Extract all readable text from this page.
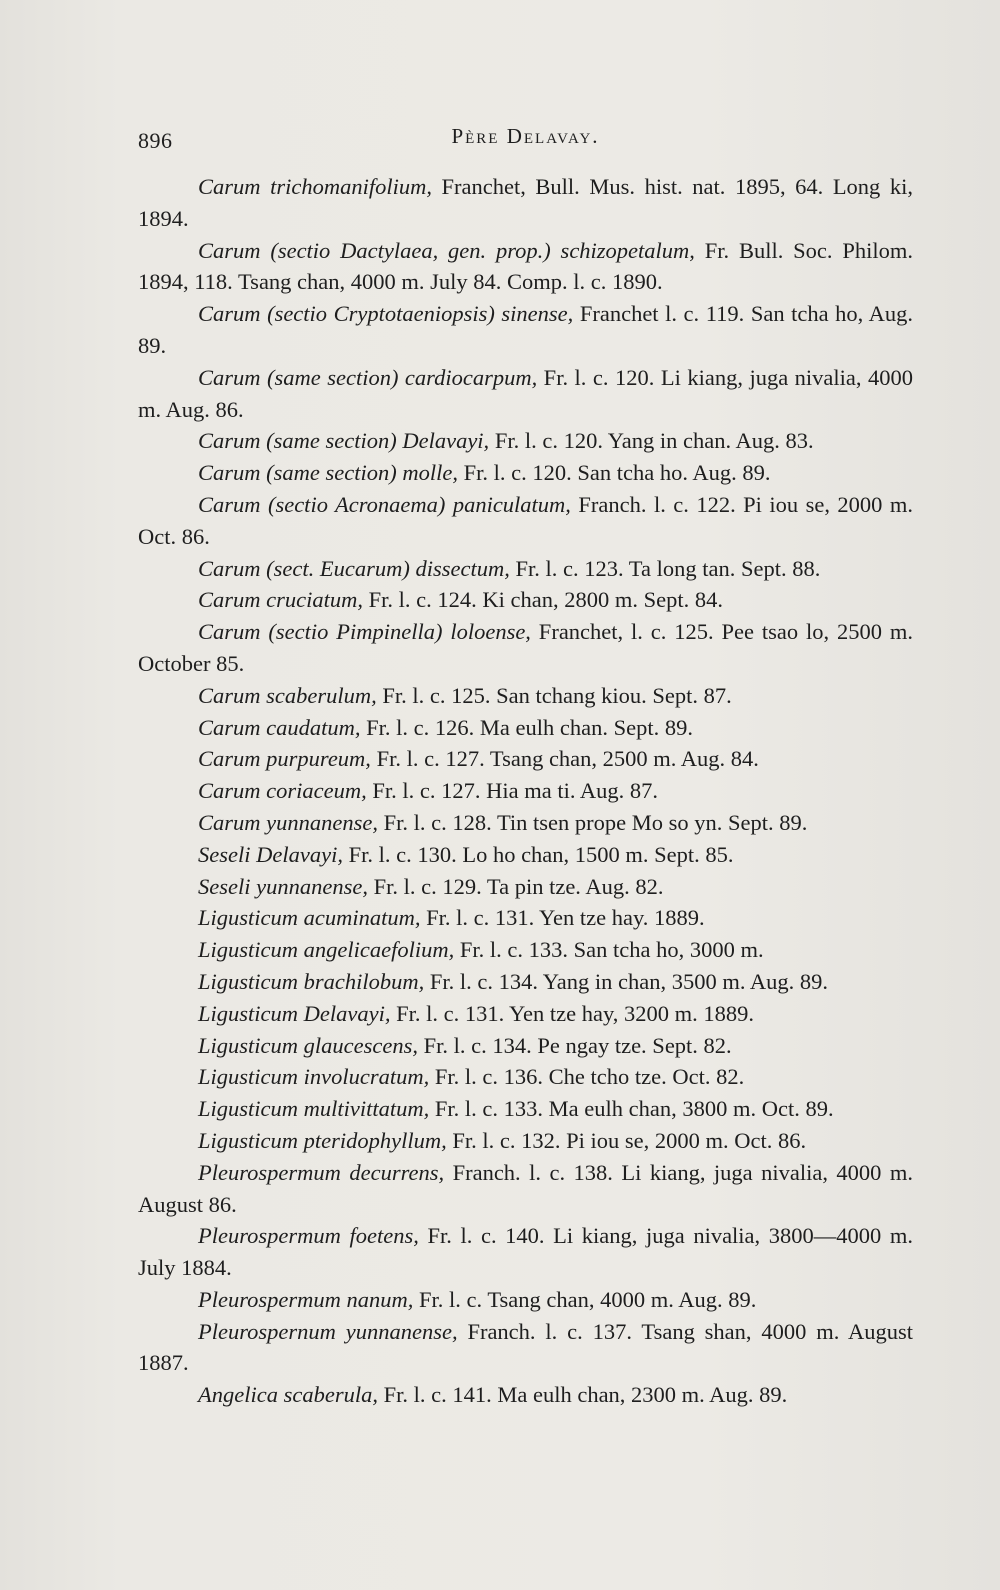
896	Père Delavay.

Carum trichomanifolium, Franchet, Bull. Mus. hist. nat. 1895, 64. Long ki, 1894.

Carum (sectio Dactylaea, gen. prop.) schizopetalum, Fr. Bull. Soc. Philom. 1894, 118. Tsang chan, 4000 m. July 84. Comp. l. c. 1890.

Carum (sectio Cryptotaeniopsis) sinense, Franchet l. c. 119. San tcha ho, Aug. 89.

Carum (same section) cardiocarpum, Fr. l. c. 120. Li kiang, juga nivalia, 4000 m. Aug. 86.

Carum (same section) Delavayi, Fr. l. c. 120. Yang in chan. Aug. 83.

Carum (same section) molle, Fr. l. c. 120. San tcha ho. Aug. 89.

Carum (sectio Acronaema) paniculatum, Franch. l. c. 122. Pi iou se, 2000 m. Oct. 86.

Carum (sect. Eucarum) dissectum, Fr. l. c. 123. Ta long tan. Sept. 88.

Carum cruciatum, Fr. l. c. 124. Ki chan, 2800 m. Sept. 84.

Carum (sectio Pimpinella) loloense, Franchet, l. c. 125. Pee tsao lo, 2500 m. October 85.

Carum scaberulum, Fr. l. c. 125. San tchang kiou. Sept. 87.

Carum caudatum, Fr. l. c. 126. Ma eulh chan. Sept. 89.

Carum purpureum, Fr. l. c. 127. Tsang chan, 2500 m. Aug. 84.

Carum coriaceum, Fr. l. c. 127. Hia ma ti. Aug. 87.

Carum yunnanense, Fr. l. c. 128. Tin tsen prope Mo so yn. Sept. 89.

Seseli Delavayi, Fr. l. c. 130. Lo ho chan, 1500 m. Sept. 85.

Seseli yunnanense, Fr. l. c. 129. Ta pin tze. Aug. 82.

Ligusticum acuminatum, Fr. l. c. 131. Yen tze hay. 1889.

Ligusticum angelicaefolium, Fr. l. c. 133. San tcha ho, 3000 m.

Ligusticum brachilobum, Fr. l. c. 134. Yang in chan, 3500 m. Aug. 89.

Ligusticum Delavayi, Fr. l. c. 131. Yen tze hay, 3200 m. 1889.

Ligusticum glaucescens, Fr. l. c. 134. Pe ngay tze. Sept. 82.

Ligusticum involucratum, Fr. l. c. 136. Che tcho tze. Oct. 82.

Ligusticum multivittatum, Fr. l. c. 133. Ma eulh chan, 3800 m. Oct. 89.

Ligusticum pteridophyllum, Fr. l. c. 132. Pi iou se, 2000 m. Oct. 86.

Pleurospermum decurrens, Franch. l. c. 138. Li kiang, juga nivalia, 4000 m. August 86.

Pleurospermum foetens, Fr. l. c. 140. Li kiang, juga nivalia, 3800—4000 m. July 1884.

Pleurospermum nanum, Fr. l. c. Tsang chan, 4000 m. Aug. 89.

Pleurospernum yunnanense, Franch. l. c. 137. Tsang shan, 4000 m. August 1887.

Angelica scaberula, Fr. l. c. 141. Ma eulh chan, 2300 m. Aug. 89.
